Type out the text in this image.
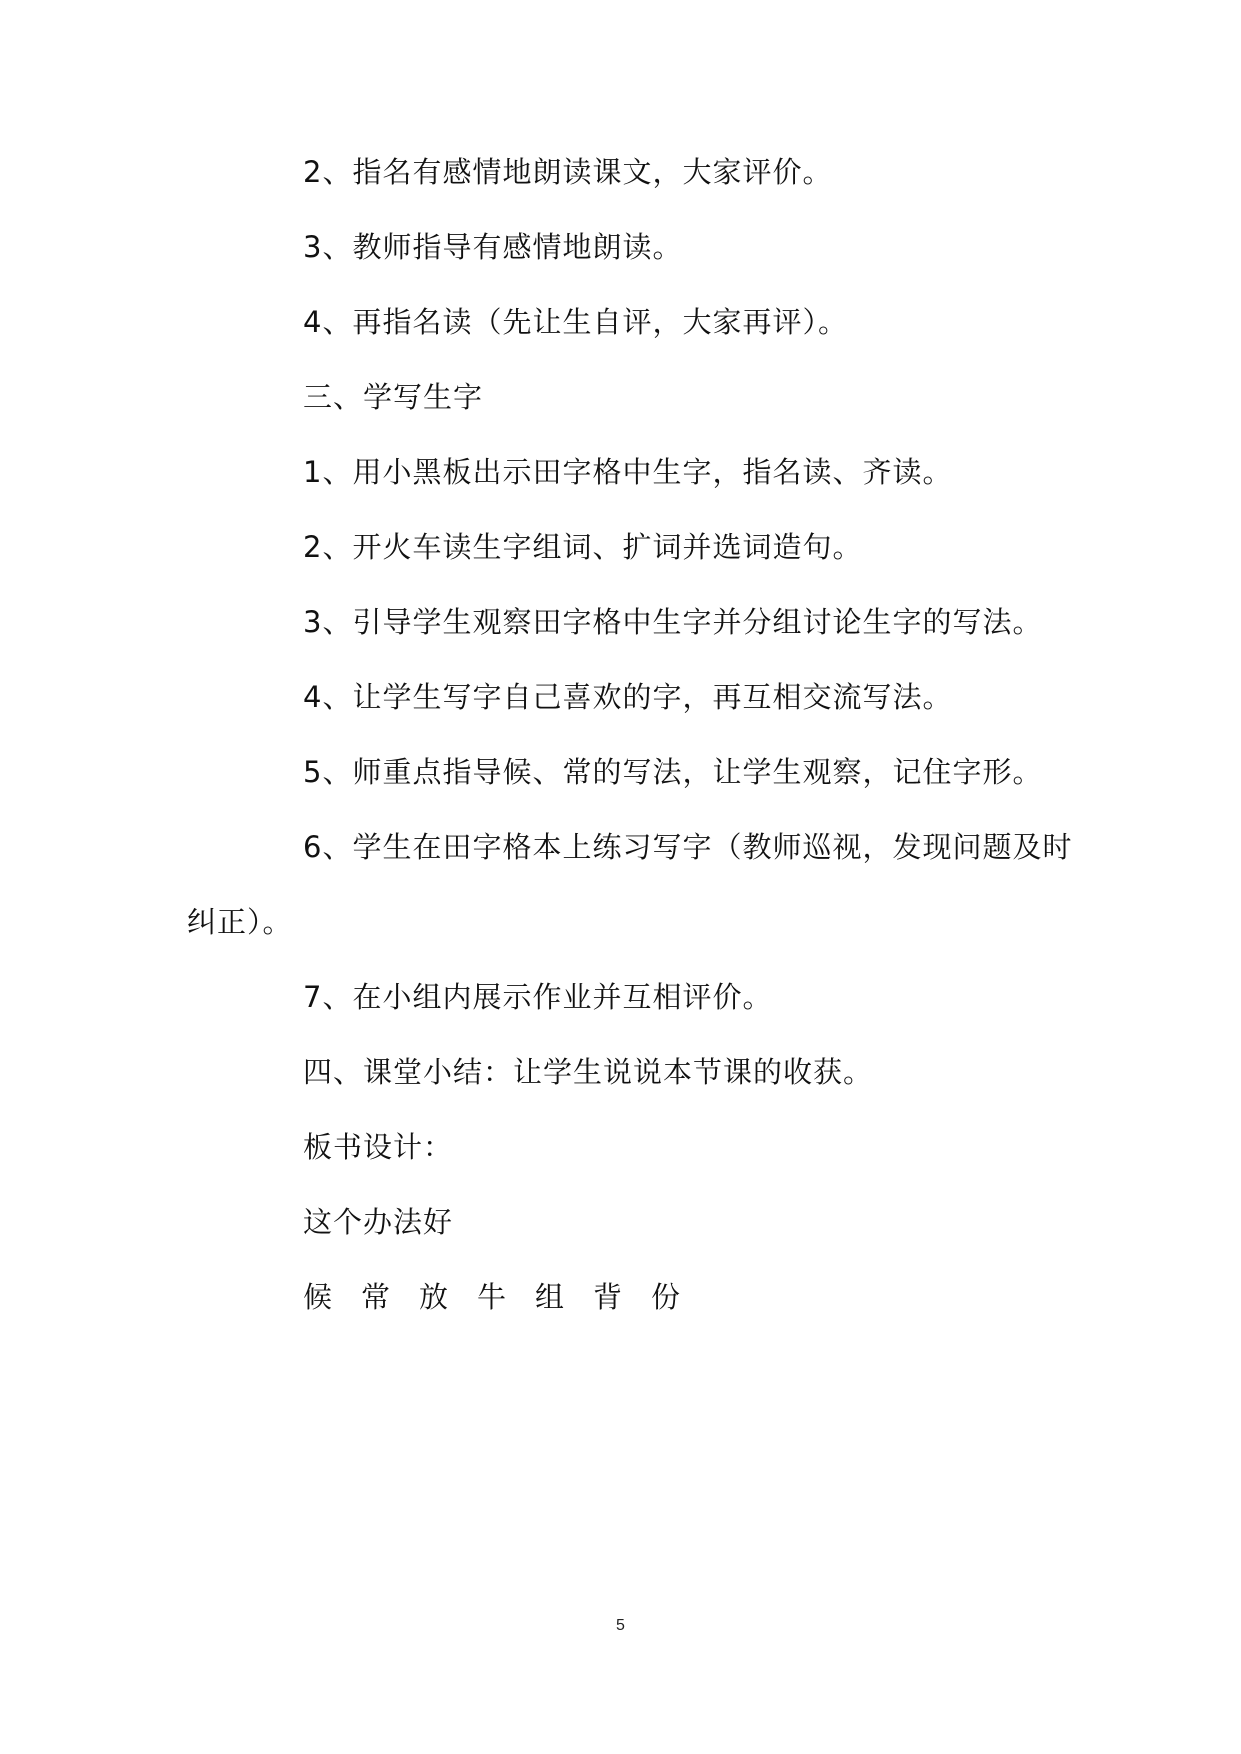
2、指名有感情地朗读课文，大家评价。
3、教师指导有感情地朗读。
4、再指名读（先让生自评，大家再评）。
三、学写生字
1、用小黑板出示田字格中生字，指名读、齐读。
2、开火车读生字组词、扩词并选词造句。
3、引导学生观察田字格中生字并分组讨论生字的写法。
4、让学生写字自己喜欢的字，再互相交流写法。
5、师重点指导候、常的写法，让学生观察，记住字形。
6、学生在田字格本上练习写字（教师巡视，发现问题及时
纠正）。
7、在小组内展示作业并互相评价。
四、课堂小结：让学生说说本节课的收获。
板书设计：
这个办法好
候常放牛组背份
5
